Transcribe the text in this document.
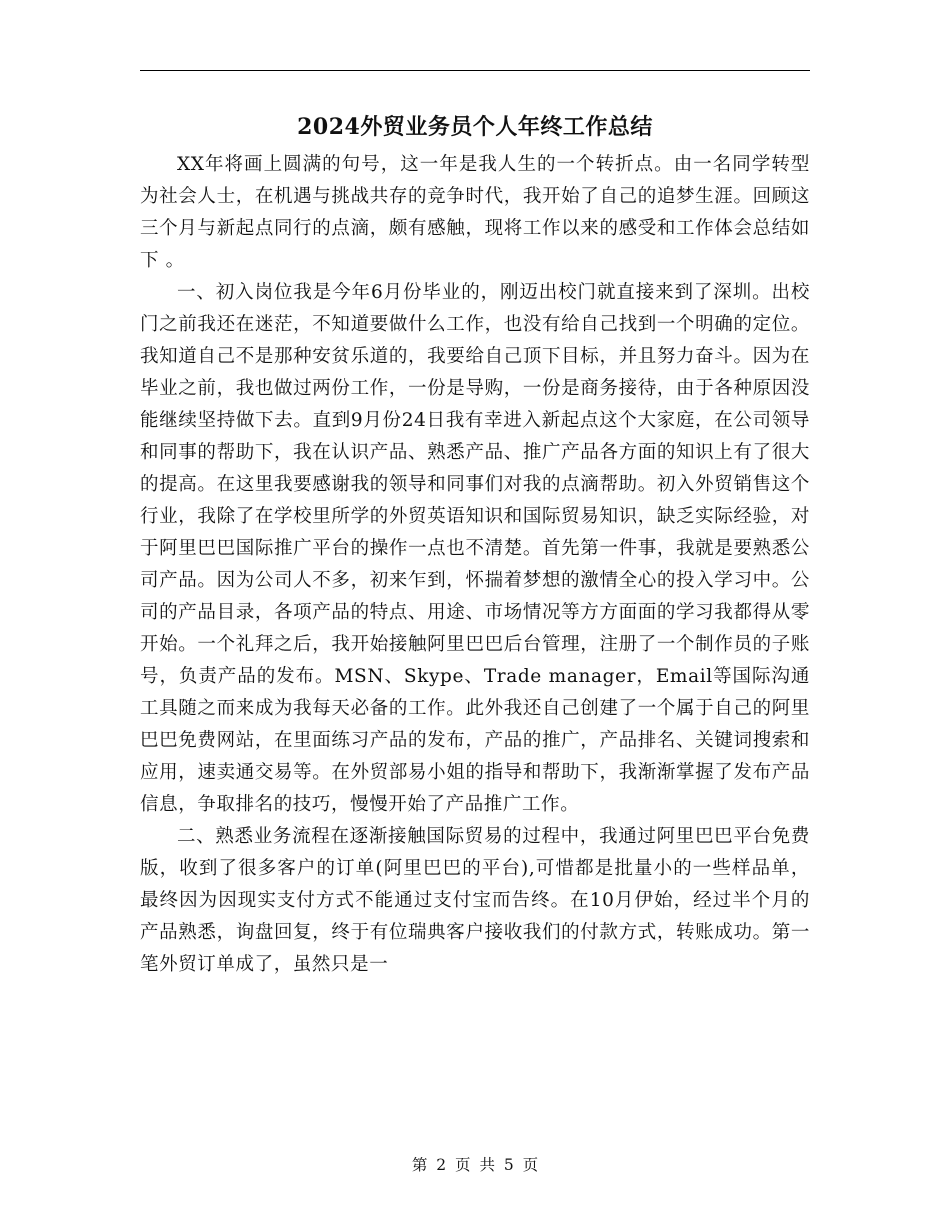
2024外贸业务员个人年终工作总结

XX年将画上圆满的句号，这一年是我人生的一个转折点。由一名同学转型为社会人士，在机遇与挑战共存的竞争时代，我开始了自己的追梦生涯。回顾这三个月与新起点同行的点滴，颇有感触，现将工作以来的感受和工作体会总结如下 。

一、初入岗位我是今年6月份毕业的，刚迈出校门就直接来到了深圳。出校门之前我还在迷茫，不知道要做什么工作，也没有给自己找到一个明确的定位。我知道自己不是那种安贫乐道的，我要给自己顶下目标，并且努力奋斗。因为在毕业之前，我也做过两份工作，一份是导购，一份是商务接待，由于各种原因没能继续坚持做下去。直到9月份24日我有幸进入新起点这个大家庭，在公司领导和同事的帮助下，我在认识产品、熟悉产品、推广产品各方面的知识上有了很大的提高。在这里我要感谢我的领导和同事们对我的点滴帮助。初入外贸销售这个行业，我除了在学校里所学的外贸英语知识和国际贸易知识，缺乏实际经验，对于阿里巴巴国际推广平台的操作一点也不清楚。首先第一件事，我就是要熟悉公司产品。因为公司人不多，初来乍到，怀揣着梦想的激情全心的投入学习中。公司的产品目录，各项产品的特点、用途、市场情况等方方面面的学习我都得从零开始。一个礼拜之后，我开始接触阿里巴巴后台管理，注册了一个制作员的子账号，负责产品的发布。MSN、Skype、Trade manager，Email等国际沟通工具随之而来成为我每天必备的工作。此外我还自己创建了一个属于自己的阿里巴巴免费网站，在里面练习产品的发布，产品的推广，产品排名、关键词搜索和应用，速卖通交易等。在外贸部易小姐的指导和帮助下，我渐渐掌握了发布产品信息，争取排名的技巧，慢慢开始了产品推广工作。

二、熟悉业务流程在逐渐接触国际贸易的过程中，我通过阿里巴巴平台免费版，收到了很多客户的订单(阿里巴巴的平台),可惜都是批量小的一些样品单，最终因为因现实支付方式不能通过支付宝而告终。在10月伊始，经过半个月的产品熟悉，询盘回复，终于有位瑞典客户接收我们的付款方式，转账成功。第一笔外贸订单成了，虽然只是一

第 2 页 共 5 页
